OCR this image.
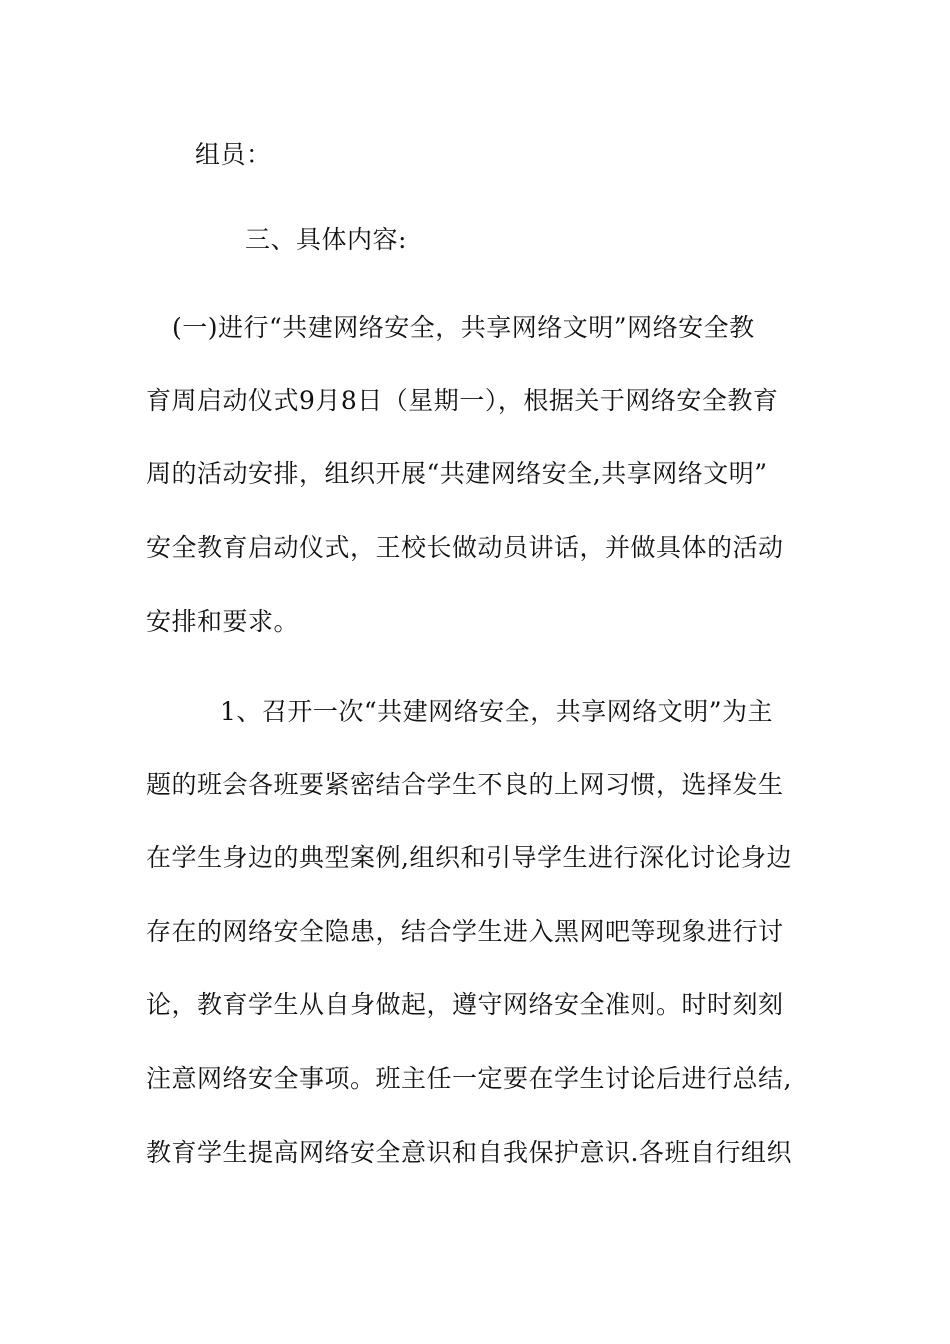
组员：
三、具体内容:
(一)进行“共建网络安全，共享网络文明”网络安全教
育周启动仪式9月8日（星期一），根据关于网络安全教育
周的活动安排，组织开展“共建网络安全,共享网络文明”
安全教育启动仪式，王校长做动员讲话，并做具体的活动
安排和要求。
1、召开一次“共建网络安全，共享网络文明”为主
题的班会各班要紧密结合学生不良的上网习惯，选择发生
在学生身边的典型案例,组织和引导学生进行深化讨论身边
存在的网络安全隐患，结合学生进入黑网吧等现象进行讨
论，教育学生从自身做起，遵守网络安全准则。时时刻刻
注意网络安全事项。班主任一定要在学生讨论后进行总结,
教育学生提高网络安全意识和自我保护意识.各班自行组织
